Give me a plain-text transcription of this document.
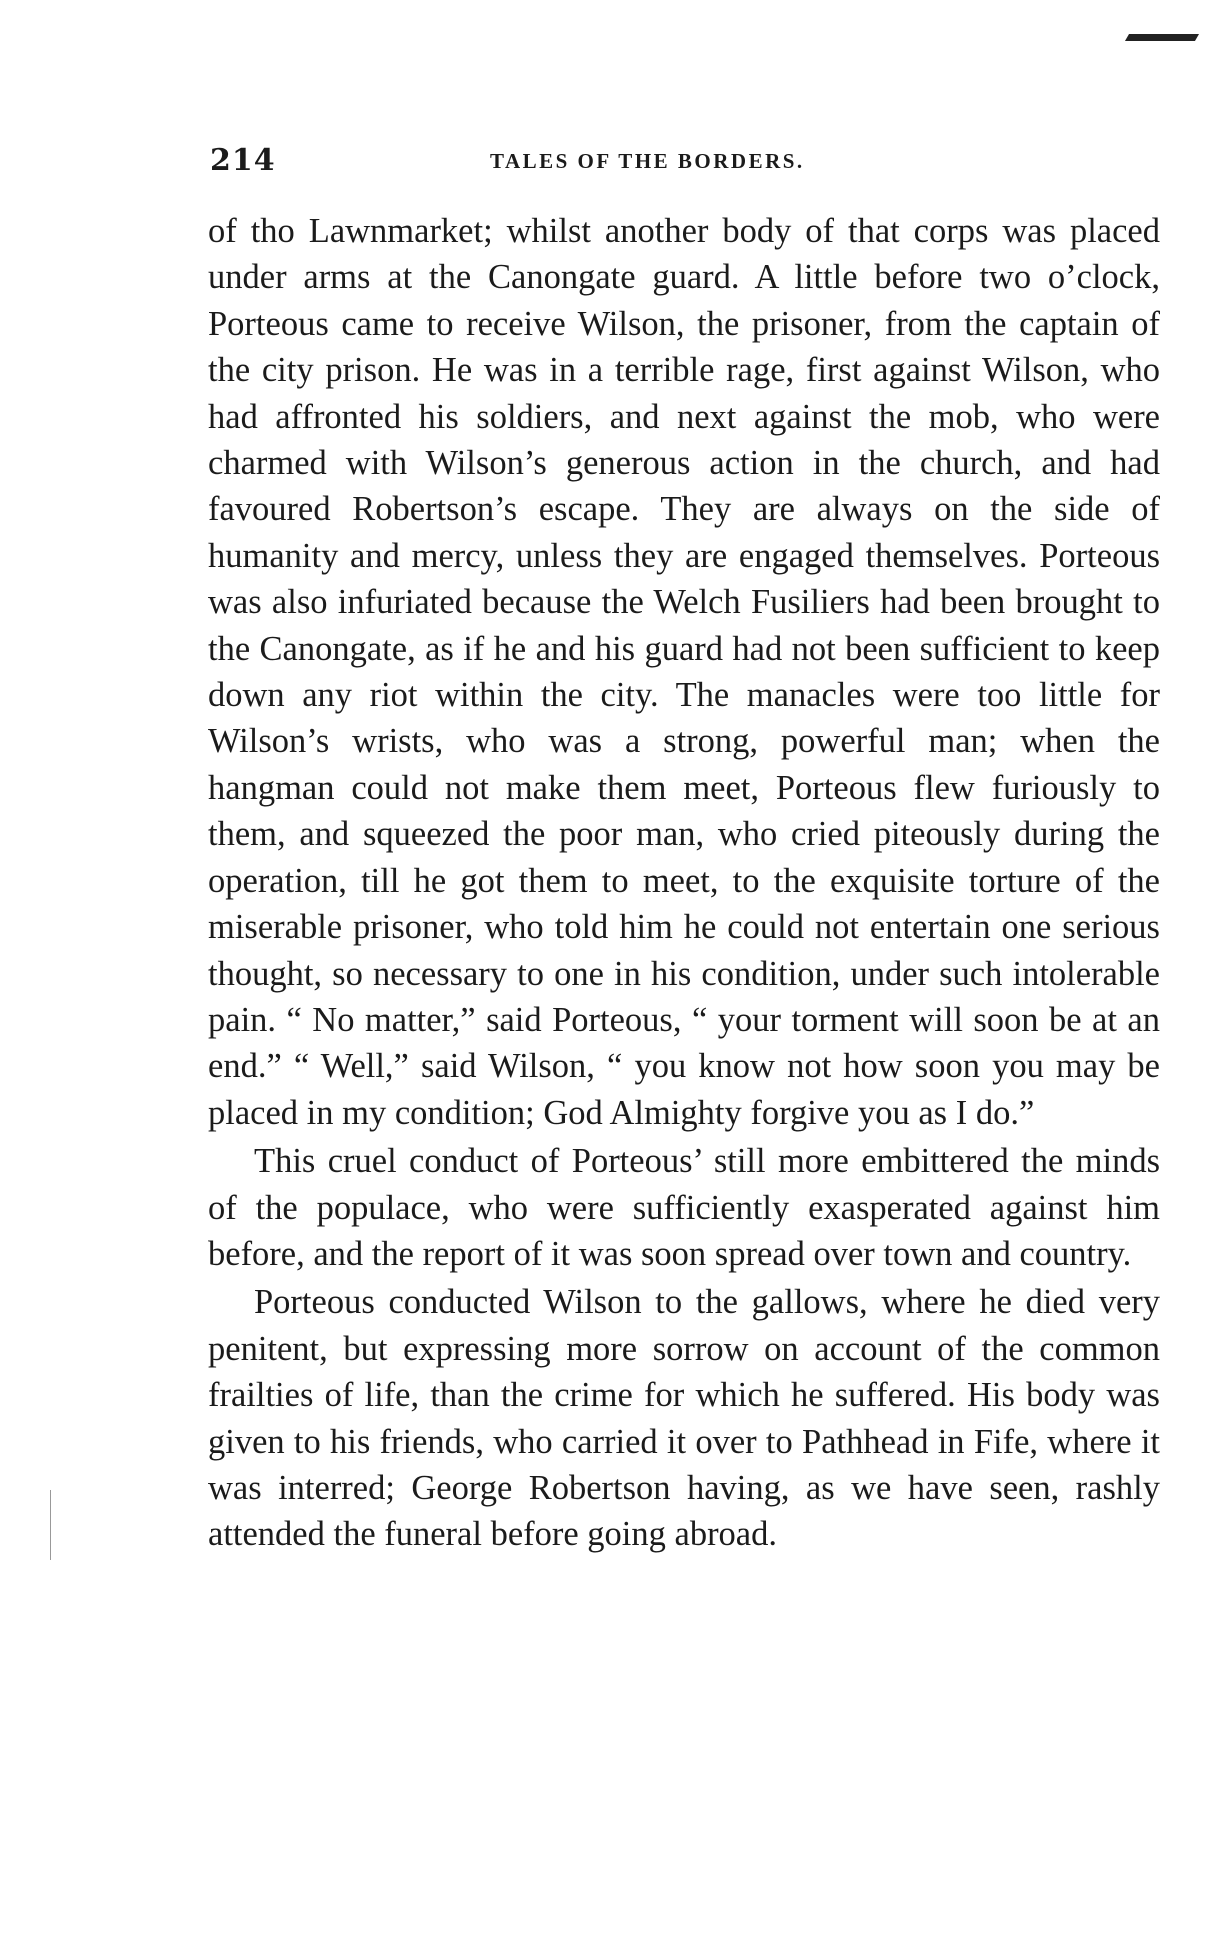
214	TALES OF THE BORDERS.

of tho Lawnmarket; whilst another body of that corps was placed under arms at the Canongate guard. A little before two o’clock, Porteous came to receive Wilson, the prisoner, from the captain of the city prison. He was in a terrible rage, first against Wilson, who had affronted his soldiers, and next against the mob, who were charmed with Wilson’s generous action in the church, and had favoured Robertson’s escape. They are always on the side of humanity and mercy, unless they are engaged themselves. Porteous was also infuriated because the Welch Fusiliers had been brought to the Canongate, as if he and his guard had not been sufficient to keep down any riot within the city. The manacles were too little for Wilson’s wrists, who was a strong, powerful man; when the hangman could not make them meet, Porteous flew furiously to them, and squeezed the poor man, who cried piteously during the operation, till he got them to meet, to the exquisite torture of the miserable prisoner, who told him he could not entertain one serious thought, so necessary to one in his condition, under such intolerable pain. “ No matter,” said Porteous, “ your torment will soon be at an end.” “ Well,” said Wilson, “ you know not how soon you may be placed in my condition; God Almighty forgive you as I do.”

This cruel conduct of Porteous’ still more embittered the minds of the populace, who were sufficiently exasperated against him before, and the report of it was soon spread over town and country.

Porteous conducted Wilson to the gallows, where he died very penitent, but expressing more sorrow on account of the common frailties of life, than the crime for which he suffered. His body was given to his friends, who carried it over to Pathhead in Fife, where it was interred; George Robertson having, as we have seen, rashly attended the funeral before going abroad.
